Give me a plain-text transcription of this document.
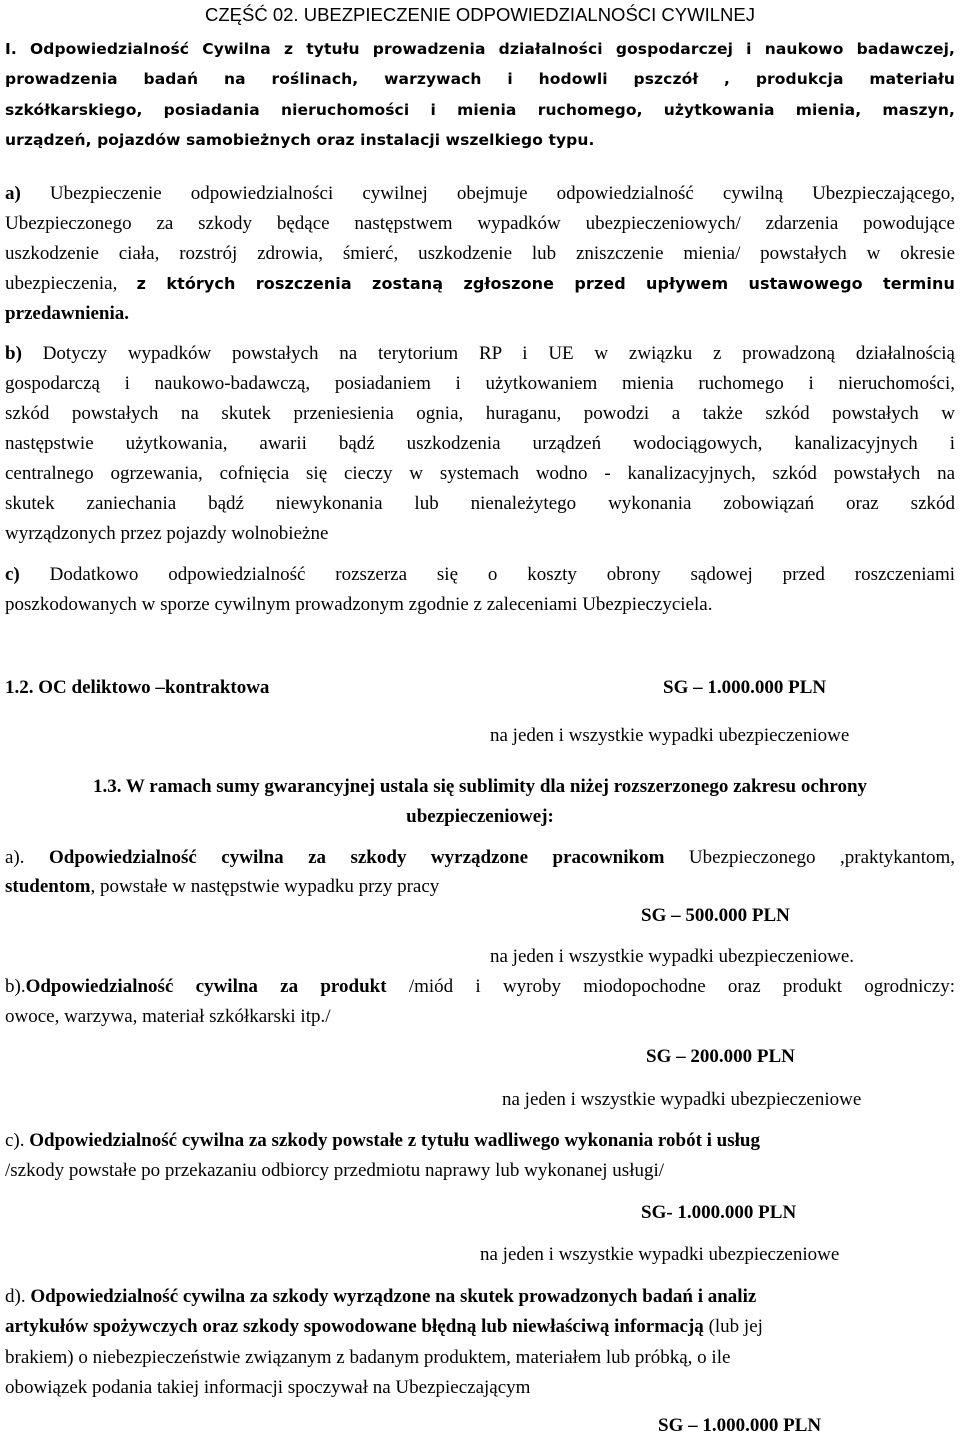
CZĘŚĆ 02. UBEZPIECZENIE ODPOWIEDZIALNOŚCI CYWILNEJ
I. Odpowiedzialność Cywilna z tytułu prowadzenia działalności gospodarczej i naukowo badawczej,
prowadzenia badań na roślinach, warzywach i hodowli pszczół , produkcja materiału
szkółkarskiego, posiadania nieruchomości i mienia ruchomego, użytkowania mienia, maszyn,
urządzeń, pojazdów samobieżnych oraz instalacji wszelkiego typu.
a) Ubezpieczenie odpowiedzialności cywilnej obejmuje odpowiedzialność cywilną Ubezpieczającego,
Ubezpieczonego za szkody będące następstwem wypadków ubezpieczeniowych/ zdarzenia powodujące
uszkodzenie ciała, rozstrój zdrowia, śmierć, uszkodzenie lub zniszczenie mienia/ powstałych w okresie
ubezpieczenia, z których roszczenia zostaną zgłoszone przed upływem ustawowego terminu
przedawnienia.
b) Dotyczy wypadków powstałych na terytorium RP i UE w związku z prowadzoną działalnością
gospodarczą i naukowo-badawczą, posiadaniem i użytkowaniem mienia ruchomego i nieruchomości,
szkód powstałych na skutek przeniesienia ognia, huraganu, powodzi a także szkód powstałych w
następstwie użytkowania, awarii bądź uszkodzenia urządzeń wodociągowych, kanalizacyjnych i
centralnego ogrzewania, cofnięcia się cieczy w systemach wodno - kanalizacyjnych, szkód powstałych na
skutek zaniechania bądź niewykonania lub nienależytego wykonania zobowiązań oraz szkód
wyrządzonych przez pojazdy wolnobieżne
c) Dodatkowo odpowiedzialność rozszerza się o koszty obrony sądowej przed roszczeniami
poszkodowanych w sporze cywilnym prowadzonym zgodnie z zaleceniami Ubezpieczyciela.
1.2. OC deliktowo –kontraktowa	SG – 1.000.000 PLN
na jeden i wszystkie wypadki ubezpieczeniowe
1.3. W ramach sumy gwarancyjnej ustala się sublimity dla niżej rozszerzonego zakresu ochrony
ubezpieczeniowej:
a). Odpowiedzialność cywilna za szkody wyrządzone pracownikom Ubezpieczonego ,praktykantom,
studentom, powstałe w następstwie wypadku przy pracy
SG – 500.000 PLN
na jeden i wszystkie wypadki ubezpieczeniowe.
b).Odpowiedzialność cywilna za produkt /miód i wyroby miodopochodne oraz produkt ogrodniczy:
owoce, warzywa, materiał szkółkarski itp./
SG – 200.000 PLN
na jeden i wszystkie wypadki ubezpieczeniowe
c). Odpowiedzialność cywilna za szkody powstałe z tytułu wadliwego wykonania robót i usług
/szkody powstałe po przekazaniu odbiorcy przedmiotu naprawy lub wykonanej usługi/
SG- 1.000.000 PLN
na jeden i wszystkie wypadki ubezpieczeniowe
d). Odpowiedzialność cywilna za szkody wyrządzone na skutek prowadzonych badań i analiz
artykułów spożywczych oraz szkody spowodowane błędną lub niewłaściwą informacją (lub jej
brakiem) o niebezpieczeństwie związanym z badanym produktem, materiałem lub próbką, o ile
obowiązek podania takiej informacji spoczywał na Ubezpieczającym
SG – 1.000.000 PLN
